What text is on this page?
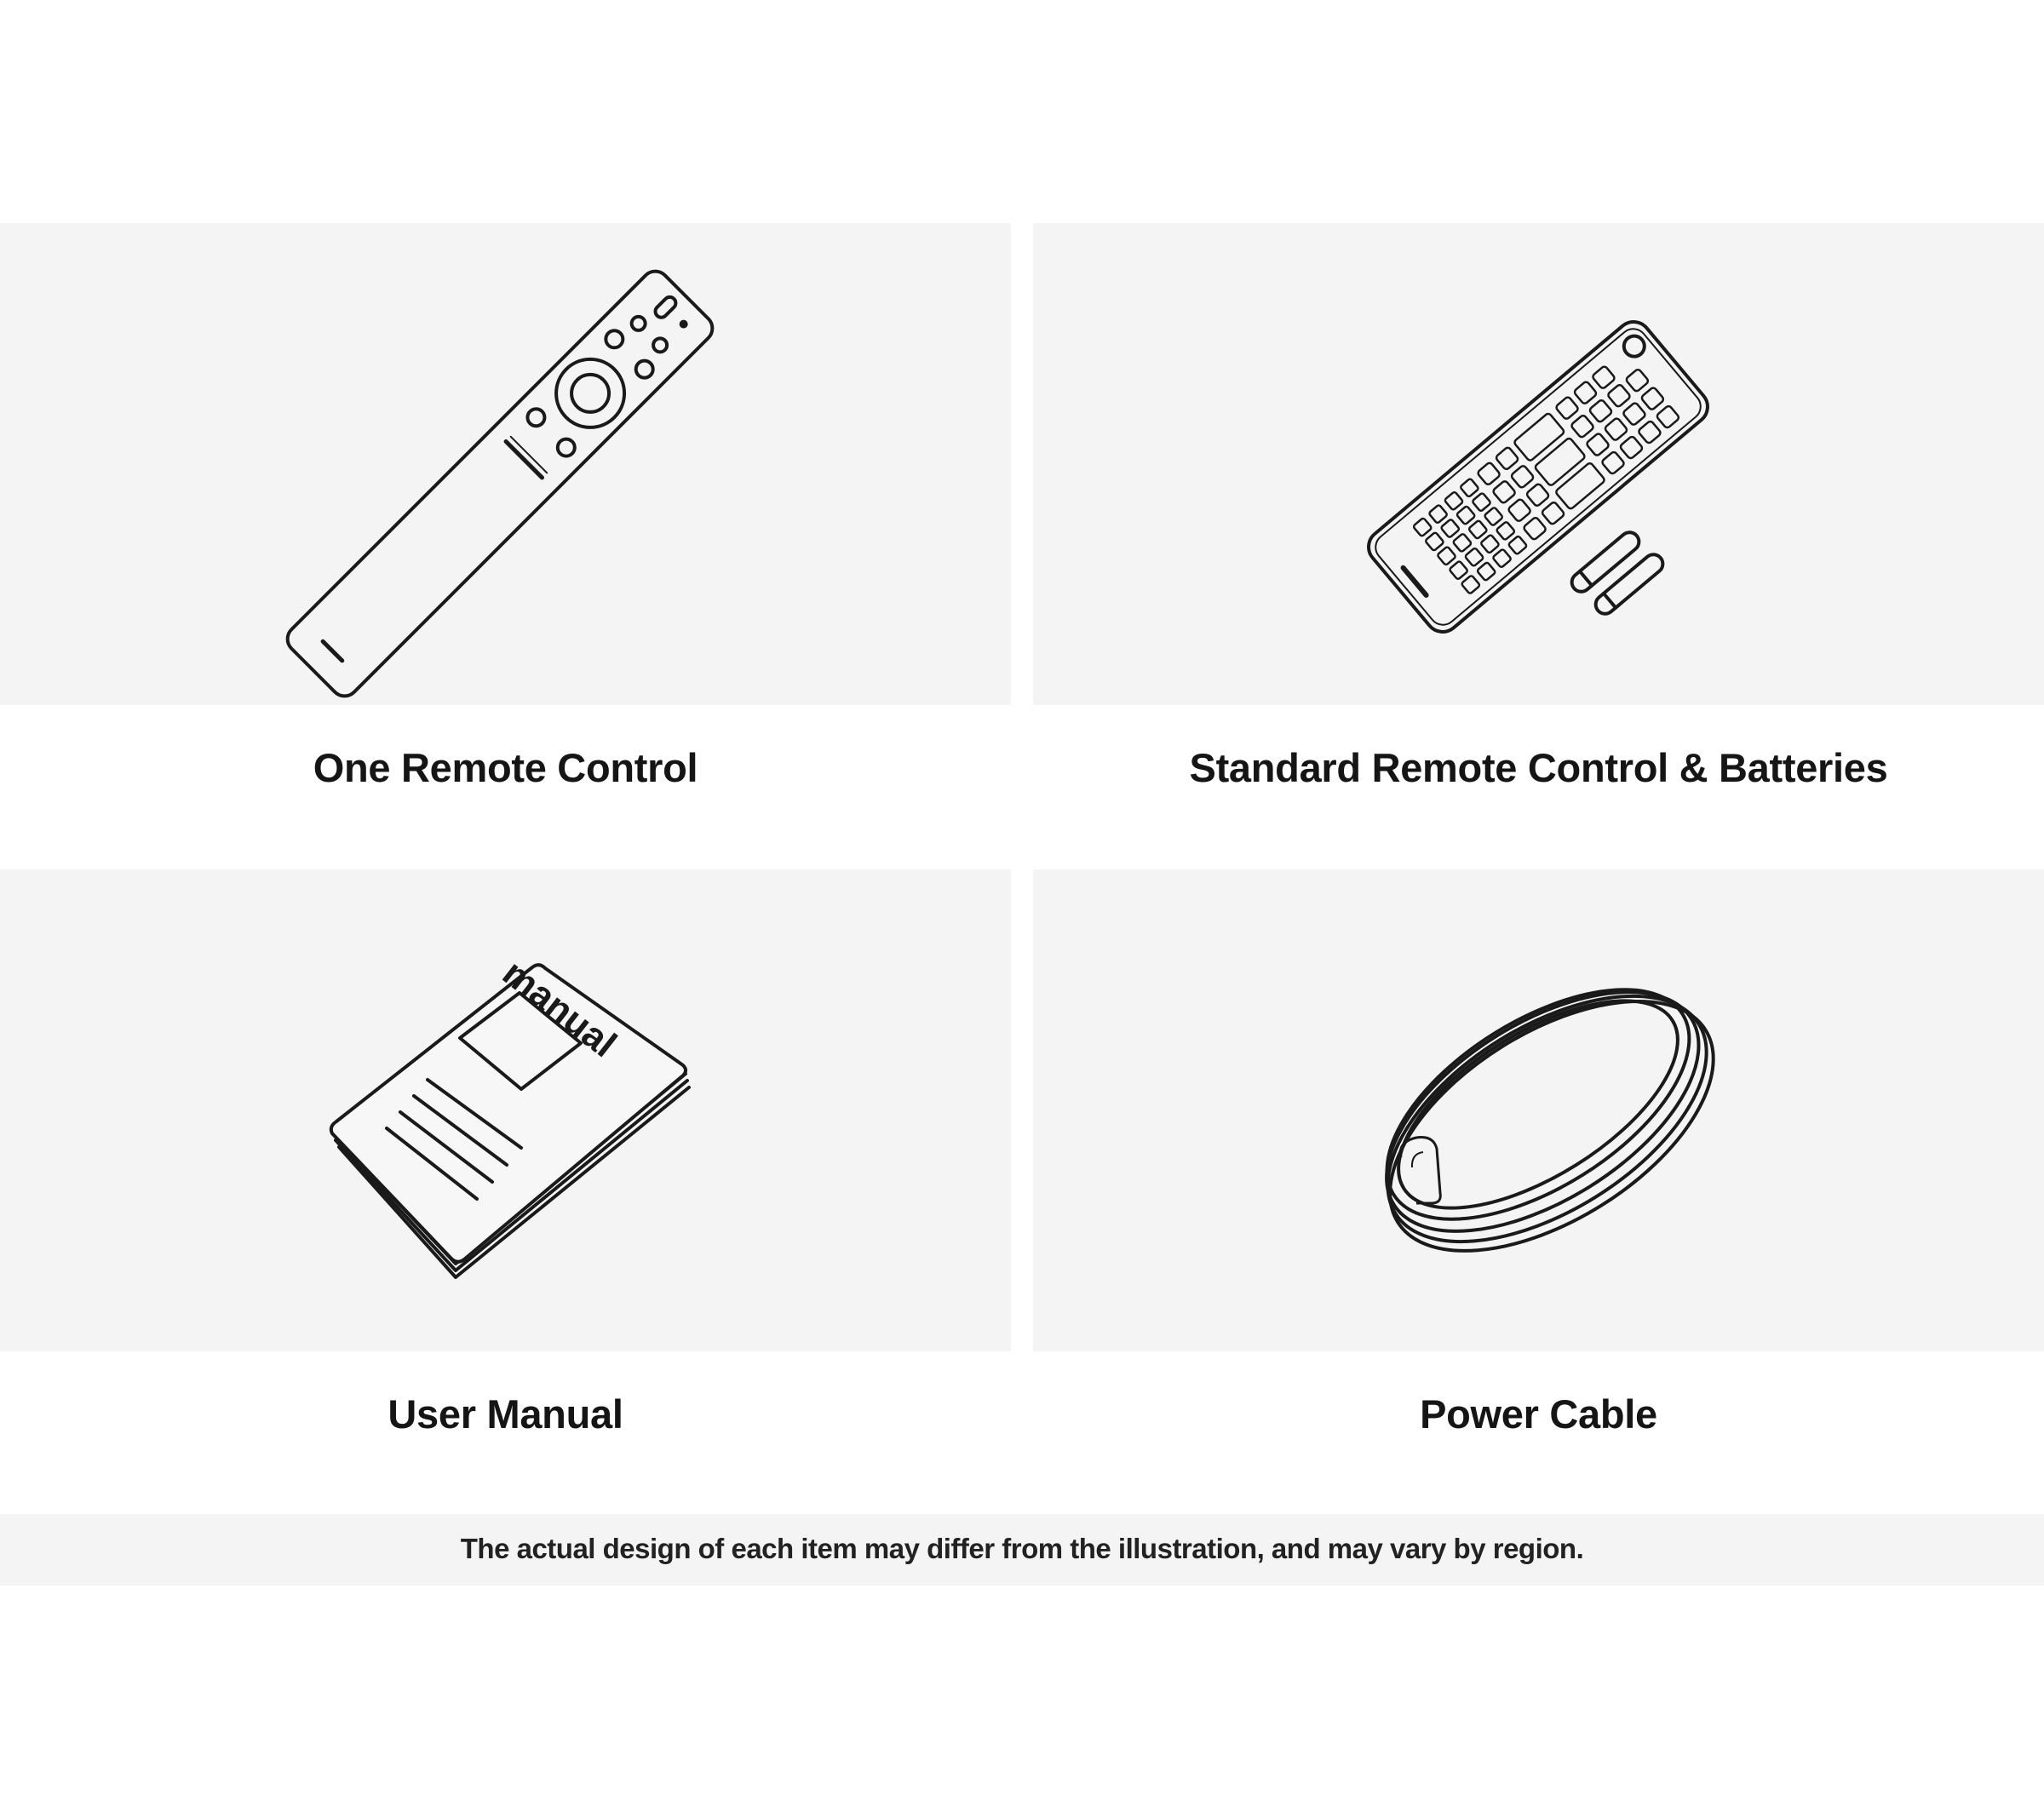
One Remote Control	Standard Remote Control & Batteries
manual
User Manual	Power Cable
The actual design of each item may differ from the illustration, and may vary by region.
